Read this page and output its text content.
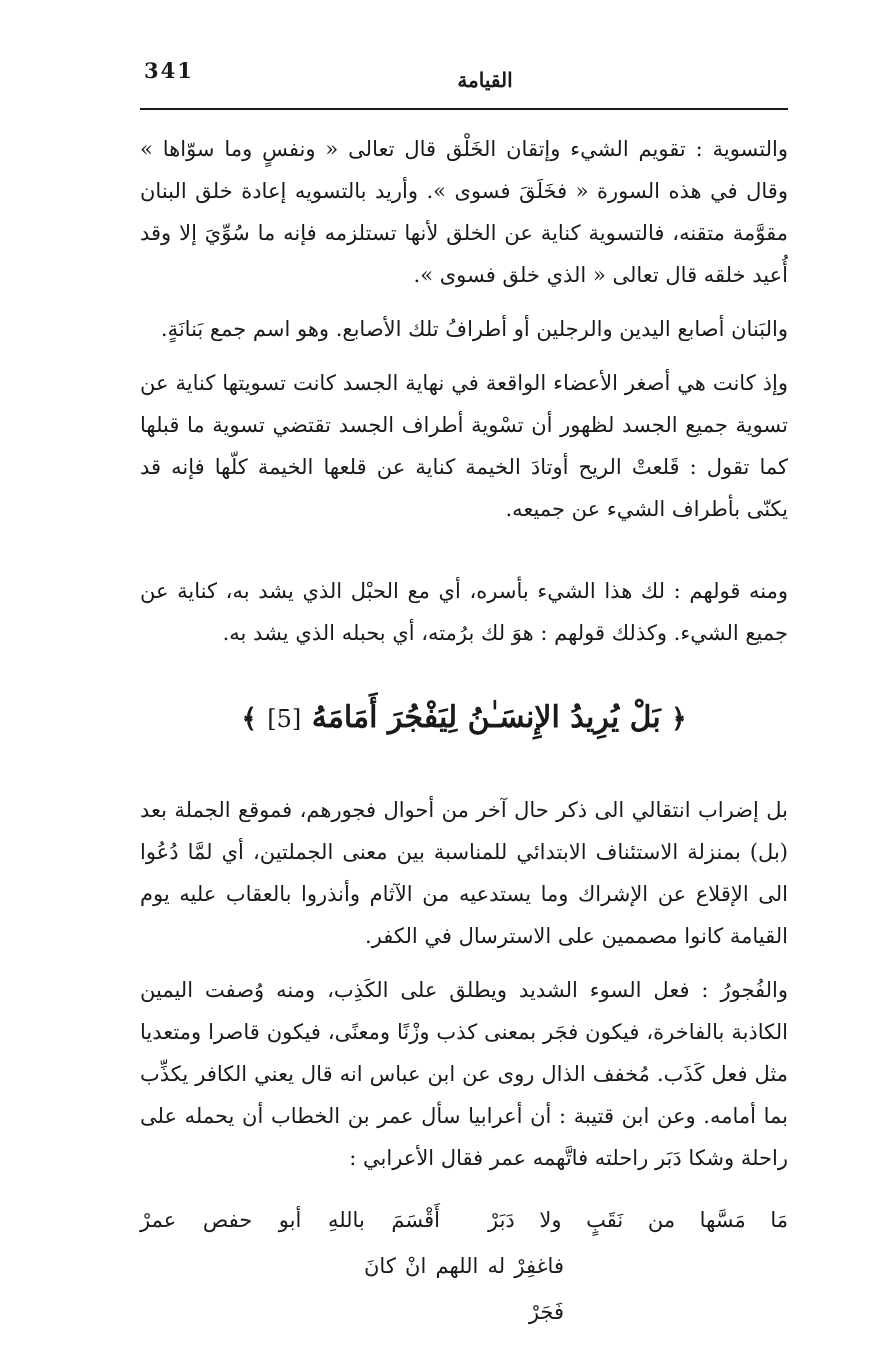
341	القيامة

والتسوية : تقويم الشيء وإتقان الخَلْق قال تعالى « ونفسٍ وما سوّاها » وقال في هذه السورة « فخَلَقَ فسوى ». وأريد بالتسويه إعادة خلق البنان مقوَّمة متقنه، فالتسوية كناية عن الخلق لأنها تستلزمه فإنه ما سُوِّيَ إلا وقد أُعيد خلقه قال تعالى « الذي خلق فسوى ».

والبَنان أصابع اليدين والرجلين أو أطرافُ تلك الأصابع. وهو اسم جمع بَنانَةٍ.

وإذ كانت هي أصغر الأعضاء الواقعة في نهاية الجسد كانت تسويتها كناية عن تسوية جميع الجسد لظهور أن تسْوية أطراف الجسد تقتضي تسوية ما قبلها كما تقول : قَلعتْ الريح أوتادَ الخيمة كناية عن قلعها الخيمة كلّها فإنه قد يكنّى بأطراف الشيء عن جميعه.

ومنه قولهم : لك هذا الشيء بأسره، أي مع الحبْل الذي يشد به، كناية عن جميع الشيء. وكذلك قولهم : هوَ لك برُمته، أي بحبله الذي يشد به.

﴿ بَلْ يُرِيدُ الإِنسَـٰنُ لِيَفْجُرَ أَمَامَهُ [5] ﴾

بل إضراب انتقالي الى ذكر حال آخر من أحوال فجورهم، فموقع الجملة بعد (بل) بمنزلة الاستئناف الابتدائي للمناسبة بين معنى الجملتين، أي لمَّا دُعُوا الى الإقلاع عن الإشراك وما يستدعيه من الآثام وأنذروا بالعقاب عليه يوم القيامة كانوا مصممين على الاسترسال في الكفر.

والفُجورُ : فعل السوء الشديد ويطلق على الكَذِب، ومنه وُصفت اليمين الكاذبة بالفاخرة، فيكون فجَر بمعنى كذب وزْنًا ومعنًى، فيكون قاصرا ومتعديا مثل فعل كَذَب. مُخفف الذال روى عن ابن عباس انه قال يعني الكافر يكذِّب بما أمامه. وعن ابن قتيبة : أن أعرابيا سأل عمر بن الخطاب أن يحمله على راحلة وشكا دَبَر راحلته فاتَّهمه عمر فقال الأعرابي :

مَا مَسَّها من نَقَبٍ ولا دَبَرْ
أَقْسَمَ باللهِ أبو حفص عمرْ
فاغفِرْ له اللهم انْ كانَ فَجَرْ
